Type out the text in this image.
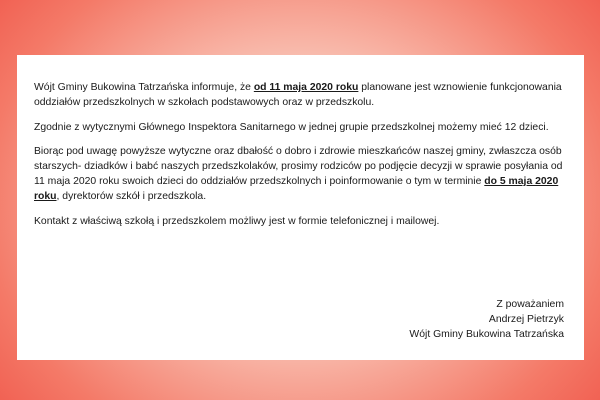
Wójt Gminy Bukowina Tatrzańska informuje, że od 11 maja 2020 roku planowane jest wznowienie funkcjonowania oddziałów przedszkolnych w szkołach podstawowych oraz w przedszkolu.

Zgodnie z wytycznymi Głównego Inspektora Sanitarnego w jednej grupie przedszkolnej możemy mieć 12 dzieci.

Biorąc pod uwagę powyższe wytyczne oraz dbałość o dobro i zdrowie mieszkańców naszej gminy, zwłaszcza osób starszych- dziadków i babć naszych przedszkolaków, prosimy rodziców po podjęcie decyzji w sprawie posyłania od 11 maja 2020 roku swoich dzieci do oddziałów przedszkolnych i poinformowanie o tym w terminie do 5 maja 2020 roku, dyrektorów szkół i przedszkola.

Kontakt z właściwą szkołą i przedszkolem możliwy jest w formie telefonicznej i mailowej.

Z poważaniem
Andrzej Pietrzyk
Wójt Gminy Bukowina Tatrzańska
